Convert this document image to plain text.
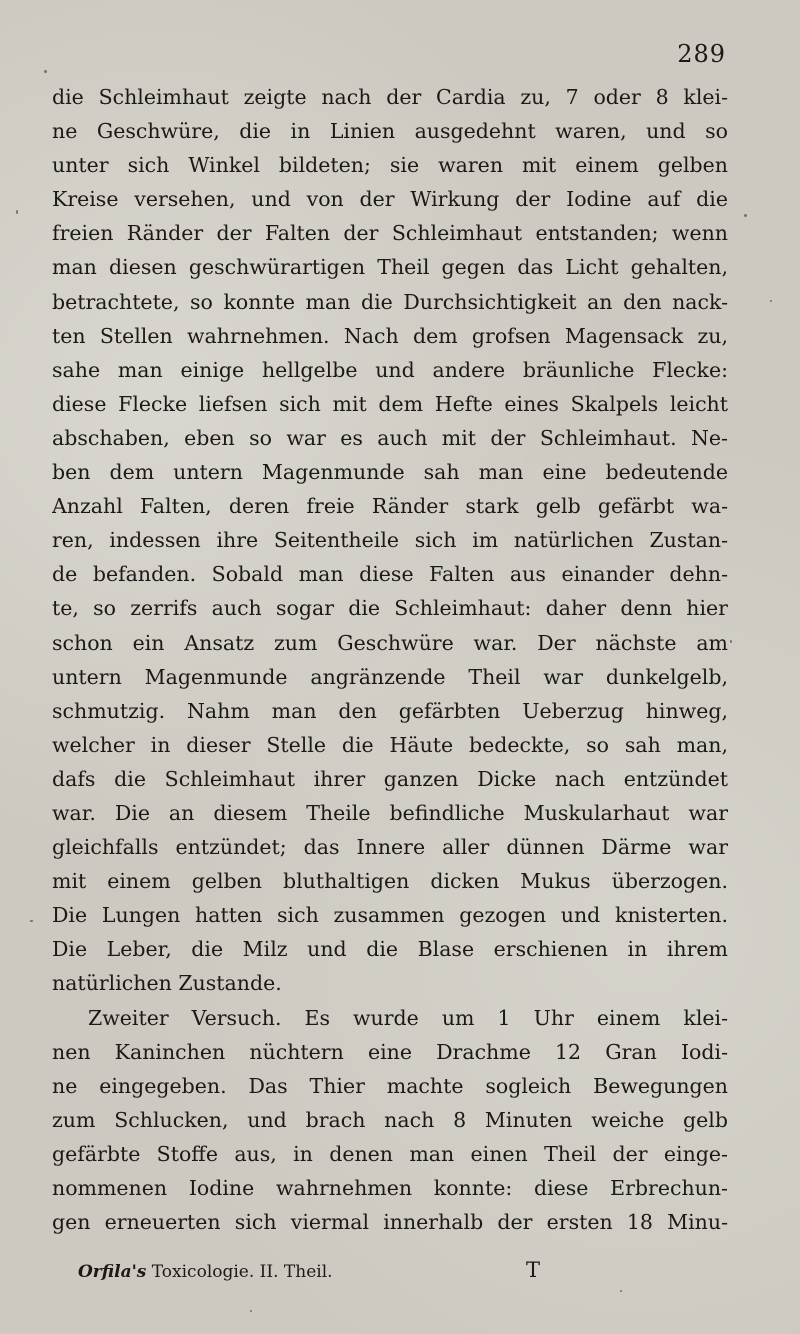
289
die Schleimhaut zeigte nach der Cardia zu, 7 oder 8 klei-
ne Geschwüre, die in Linien ausgedehnt waren, und so
unter sich Winkel bildeten; sie waren mit einem gelben
Kreise versehen, und von der Wirkung der Iodine auf die
freien Ränder der Falten der Schleimhaut entstanden; wenn
man diesen geschwürartigen Theil gegen das Licht gehalten,
betrachtete, so konnte man die Durchsichtigkeit an den nack-
ten Stellen wahrnehmen. Nach dem grofsen Magensack zu,
sahe man einige hellgelbe und andere bräunliche Flecke:
diese Flecke liefsen sich mit dem Hefte eines Skalpels leicht
abschaben, eben so war es auch mit der Schleimhaut. Ne-
ben dem untern Magenmunde sah man eine bedeutende
Anzahl Falten, deren freie Ränder stark gelb gefärbt wa-
ren, indessen ihre Seitentheile sich im natürlichen Zustan-
de befanden. Sobald man diese Falten aus einander dehn-
te, so zerrifs auch sogar die Schleimhaut: daher denn hier
schon ein Ansatz zum Geschwüre war. Der nächste am
untern Magenmunde angränzende Theil war dunkelgelb,
schmutzig. Nahm man den gefärbten Ueberzug hinweg,
welcher in dieser Stelle die Häute bedeckte, so sah man,
dafs die Schleimhaut ihrer ganzen Dicke nach entzündet
war. Die an diesem Theile befindliche Muskularhaut war
gleichfalls entzündet; das Innere aller dünnen Därme war
mit einem gelben bluthaltigen dicken Mukus überzogen.
Die Lungen hatten sich zusammen gezogen und knisterten.
Die Leber, die Milz und die Blase erschienen in ihrem
natürlichen Zustande.
Zweiter Versuch. Es wurde um 1 Uhr einem klei-
nen Kaninchen nüchtern eine Drachme 12 Gran Iodi-
ne eingegeben. Das Thier machte sogleich Bewegungen
zum Schlucken, und brach nach 8 Minuten weiche gelb
gefärbte Stoffe aus, in denen man einen Theil der einge-
nommenen Iodine wahrnehmen konnte: diese Erbrechun-
gen erneuerten sich viermal innerhalb der ersten 18 Minu-
Orfila's Toxicologie. II. Theil.	T
